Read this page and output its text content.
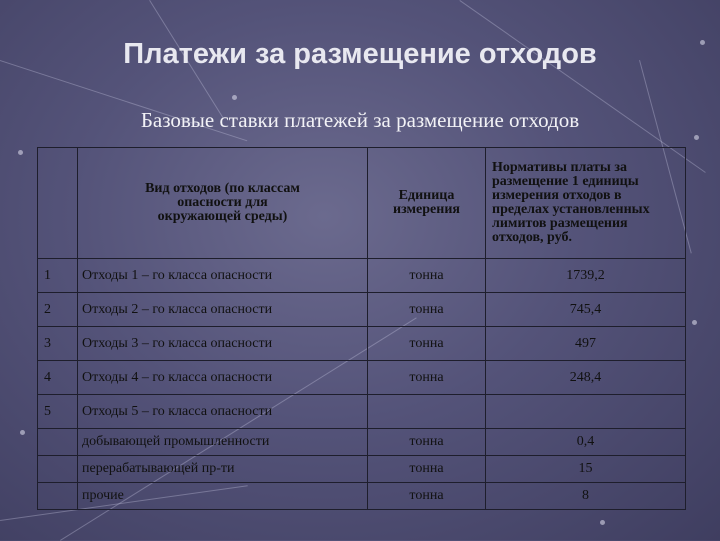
Платежи за размещение отходов
Базовые ставки платежей за размещение отходов
	Вид отходов (по классам опасности для окружающей среды)	Единица измерения	Нормативы платы за размещение 1 единицы измерения отходов в пределах установленных лимитов размещения отходов, руб.
1	Отходы 1 – го класса опасности	тонна	1739,2
2	Отходы 2 – го класса опасности	тонна	745,4
3	Отходы 3 – го класса опасности	тонна	497
4	Отходы 4 – го класса опасности	тонна	248,4
5	Отходы 5 – го класса опасности		
	добывающей промышленности	тонна	0,4
	перерабатывающей пр-ти	тонна	15
	прочие	тонна	8
